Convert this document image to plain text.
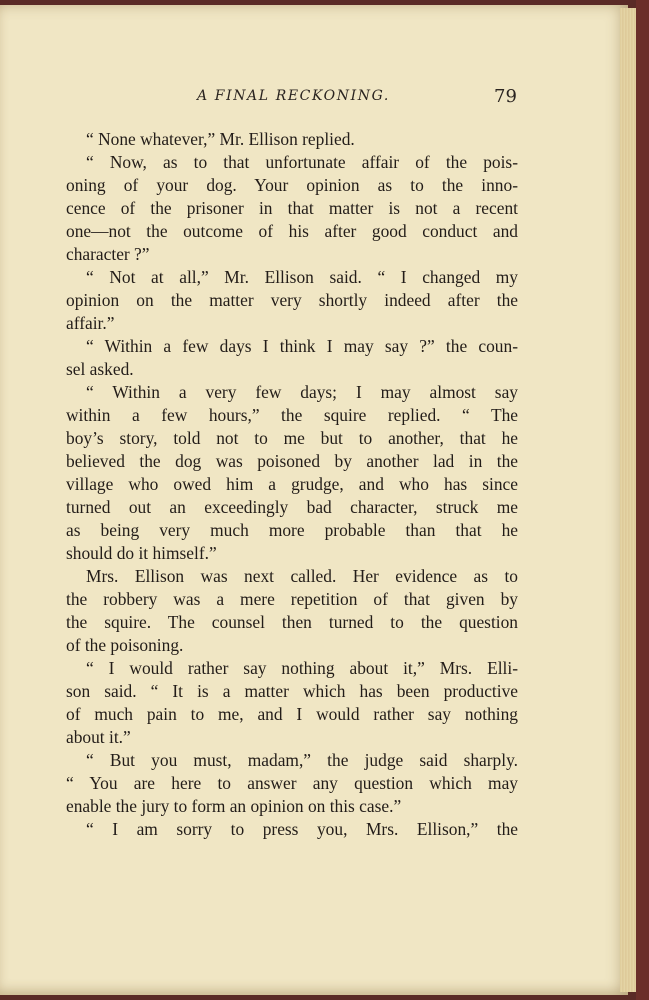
A FINAL RECKONING.	79
“ None whatever,” Mr. Ellison replied.
“ Now, as to that unfortunate affair of the pois-
oning of your dog. Your opinion as to the inno-
cence of the prisoner in that matter is not a recent
one—not the outcome of his after good conduct and
character ?”
“ Not at all,” Mr. Ellison said. “ I changed my
opinion on the matter very shortly indeed after the
affair.”
“ Within a few days I think I may say ?” the coun-
sel asked.
“ Within a very few days; I may almost say
within a few hours,” the squire replied. “ The
boy’s story, told not to me but to another, that he
believed the dog was poisoned by another lad in the
village who owed him a grudge, and who has since
turned out an exceedingly bad character, struck me
as being very much more probable than that he
should do it himself.”
Mrs. Ellison was next called. Her evidence as to
the robbery was a mere repetition of that given by
the squire. The counsel then turned to the question
of the poisoning.
“ I would rather say nothing about it,” Mrs. Elli-
son said. “ It is a matter which has been productive
of much pain to me, and I would rather say nothing
about it.”
“ But you must, madam,” the judge said sharply.
“ You are here to answer any question which may
enable the jury to form an opinion on this case.”
“ I am sorry to press you, Mrs. Ellison,” the
